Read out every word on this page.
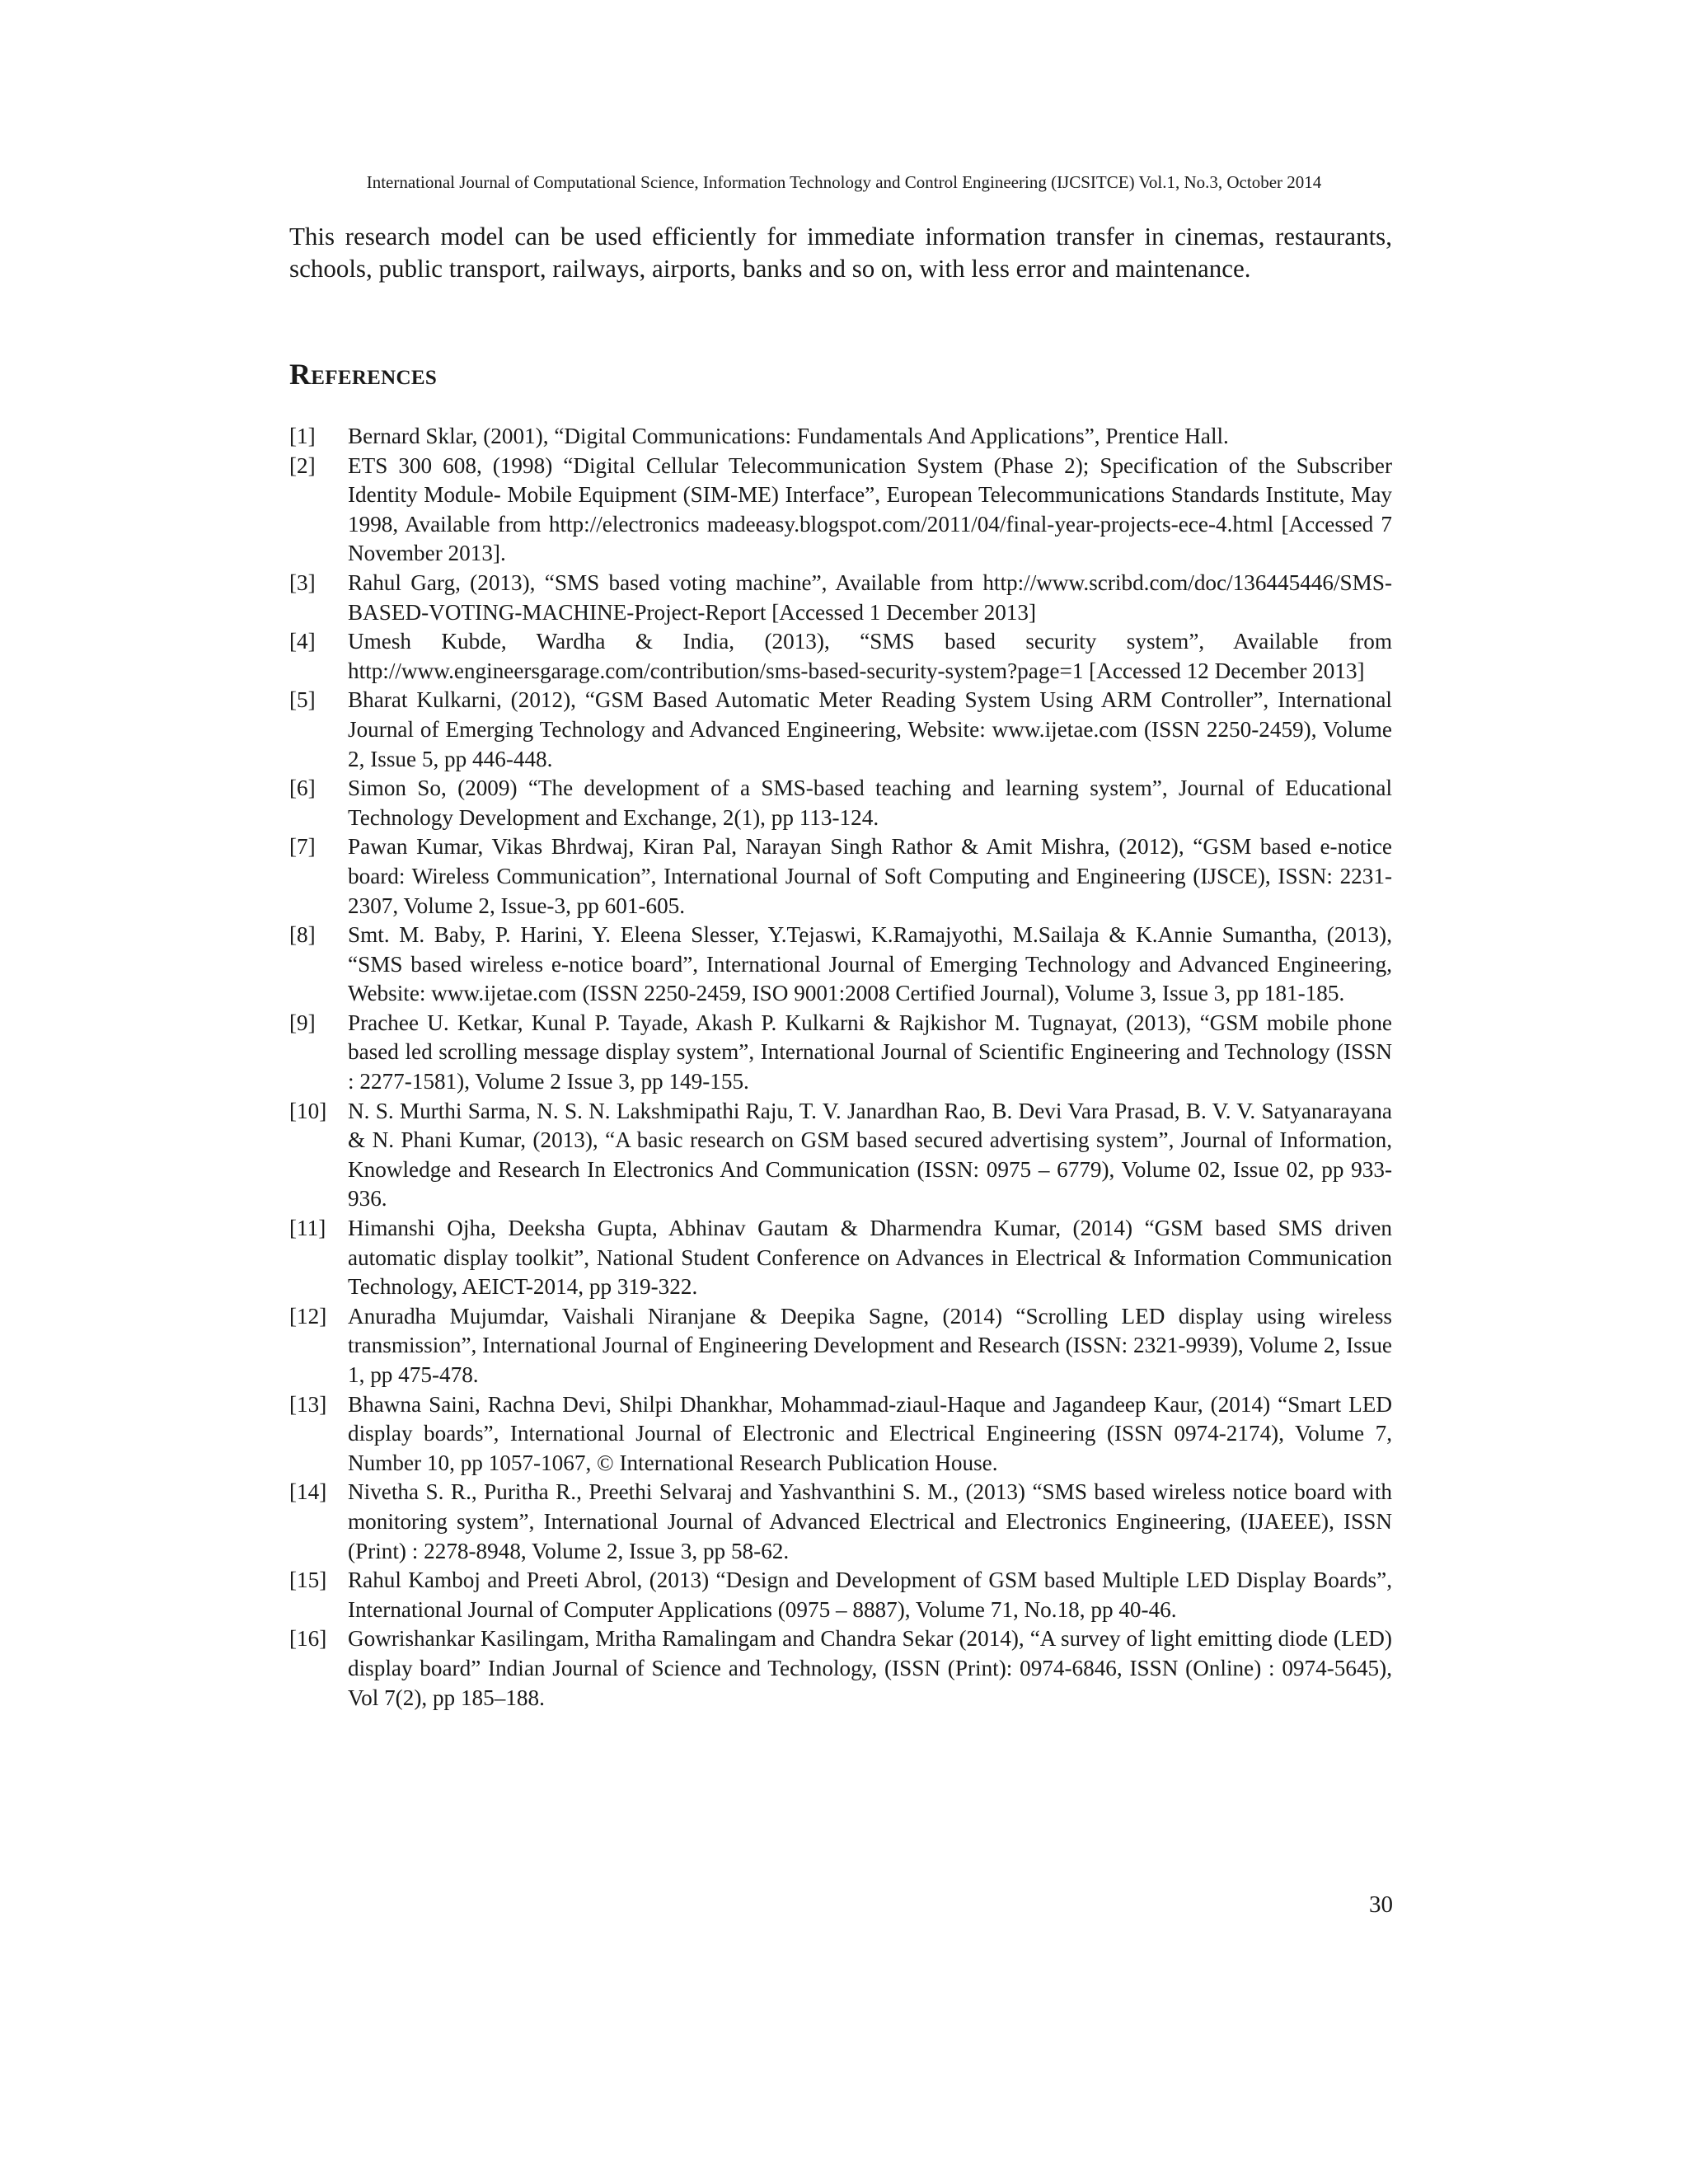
International Journal of Computational Science, Information Technology and Control Engineering (IJCSITCE) Vol.1, No.3, October 2014

This research model can be used efficiently for immediate information transfer in cinemas, restaurants, schools, public transport, railways, airports, banks and so on, with less error and maintenance.

References
[1] Bernard Sklar, (2001), “Digital Communications: Fundamentals And Applications”, Prentice Hall.
[2] ETS 300 608, (1998) “Digital Cellular Telecommunication System (Phase 2); Specification of the Subscriber Identity Module- Mobile Equipment (SIM-ME) Interface”, European Telecommunications Standards Institute, May 1998, Available from http://electronics madeeasy.blogspot.com/2011/04/final-year-projects-ece-4.html [Accessed 7 November 2013].
[3] Rahul Garg, (2013), “SMS based voting machine”, Available from http://www.scribd.com/doc/136445446/SMS-BASED-VOTING-MACHINE-Project-Report [Accessed 1 December 2013]
[4] Umesh Kubde, Wardha & India, (2013), “SMS based security system”, Available from http://www.engineersgarage.com/contribution/sms-based-security-system?page=1 [Accessed 12 December 2013]
[5] Bharat Kulkarni, (2012), “GSM Based Automatic Meter Reading System Using ARM Controller”, International Journal of Emerging Technology and Advanced Engineering, Website: www.ijetae.com (ISSN 2250-2459), Volume 2, Issue 5, pp 446-448.
[6] Simon So, (2009) “The development of a SMS-based teaching and learning system”, Journal of Educational Technology Development and Exchange, 2(1), pp 113-124.
[7] Pawan Kumar, Vikas Bhrdwaj, Kiran Pal, Narayan Singh Rathor & Amit Mishra, (2012), “GSM based e-notice board: Wireless Communication”, International Journal of Soft Computing and Engineering (IJSCE), ISSN: 2231-2307, Volume 2, Issue-3, pp 601-605.
[8] Smt. M. Baby, P. Harini, Y. Eleena Slesser, Y.Tejaswi, K.Ramajyothi, M.Sailaja & K.Annie Sumantha, (2013), “SMS based wireless e-notice board”, International Journal of Emerging Technology and Advanced Engineering, Website: www.ijetae.com (ISSN 2250-2459, ISO 9001:2008 Certified Journal), Volume 3, Issue 3, pp 181-185.
[9] Prachee U. Ketkar, Kunal P. Tayade, Akash P. Kulkarni & Rajkishor M. Tugnayat, (2013), “GSM mobile phone based led scrolling message display system”, International Journal of Scientific Engineering and Technology (ISSN : 2277-1581), Volume 2 Issue 3, pp 149-155.
[10] N. S. Murthi Sarma, N. S. N. Lakshmipathi Raju, T. V. Janardhan Rao, B. Devi Vara Prasad, B. V. V. Satyanarayana & N. Phani Kumar, (2013), “A basic research on GSM based secured advertising system”, Journal of Information, Knowledge and Research In Electronics And Communication (ISSN: 0975 – 6779), Volume 02, Issue 02, pp 933-936.
[11] Himanshi Ojha, Deeksha Gupta, Abhinav Gautam & Dharmendra Kumar, (2014) “GSM based SMS driven automatic display toolkit”, National Student Conference on Advances in Electrical & Information Communication Technology, AEICT-2014, pp 319-322.
[12] Anuradha Mujumdar, Vaishali Niranjane & Deepika Sagne, (2014) “Scrolling LED display using wireless transmission”, International Journal of Engineering Development and Research (ISSN: 2321-9939), Volume 2, Issue 1, pp 475-478.
[13] Bhawna Saini, Rachna Devi, Shilpi Dhankhar, Mohammad-ziaul-Haque and Jagandeep Kaur, (2014) “Smart LED display boards”, International Journal of Electronic and Electrical Engineering (ISSN 0974-2174), Volume 7, Number 10, pp 1057-1067, © International Research Publication House.
[14] Nivetha S. R., Puritha R., Preethi Selvaraj and Yashvanthini S. M., (2013) “SMS based wireless notice board with monitoring system”, International Journal of Advanced Electrical and Electronics Engineering, (IJAEEE), ISSN (Print) : 2278-8948, Volume 2, Issue 3, pp 58-62.
[15] Rahul Kamboj and Preeti Abrol, (2013) “Design and Development of GSM based Multiple LED Display Boards”, International Journal of Computer Applications (0975 – 8887), Volume 71, No.18, pp 40-46.
[16] Gowrishankar Kasilingam, Mritha Ramalingam and Chandra Sekar (2014), “A survey of light emitting diode (LED) display board” Indian Journal of Science and Technology, (ISSN (Print): 0974-6846, ISSN (Online) : 0974-5645), Vol 7(2), pp 185–188.
30
